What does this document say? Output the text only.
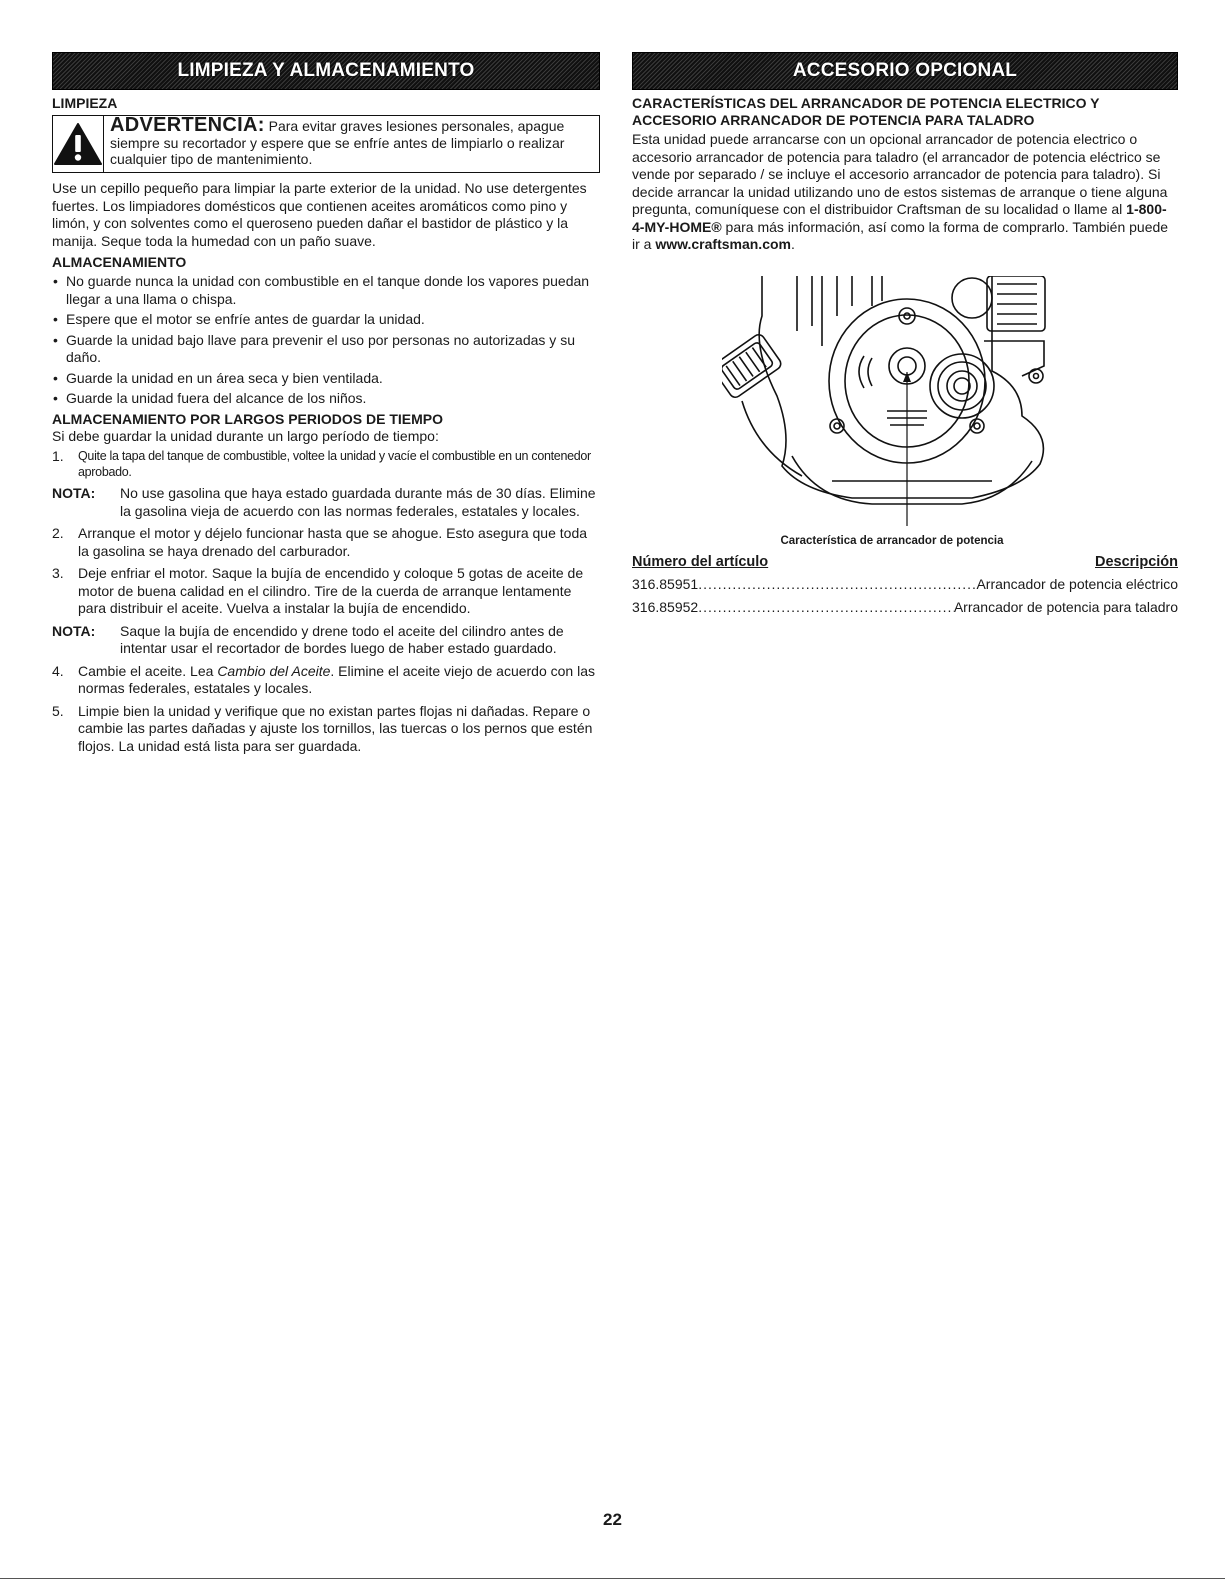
LIMPIEZA Y ALMACENAMIENTO

LIMPIEZA

ADVERTENCIA: Para evitar graves lesiones personales, apague siempre su recortador y espere que se enfríe antes de limpiarlo o realizar cualquier tipo de mantenimiento.

Use un cepillo pequeño para limpiar la parte exterior de la unidad. No use detergentes fuertes. Los limpiadores domésticos que contienen aceites aromáticos como pino y limón, y con solventes como el queroseno pueden dañar el bastidor de plástico y la manija. Seque toda la humedad con un paño suave.

ALMACENAMIENTO

• No guarde nunca la unidad con combustible en el tanque donde los vapores puedan llegar a una llama o chispa.
• Espere que el motor se enfríe antes de guardar la unidad.
• Guarde la unidad bajo llave para prevenir el uso por personas no autorizadas y su daño.
• Guarde la unidad en un área seca y bien ventilada.
• Guarde la unidad fuera del alcance de los niños.

ALMACENAMIENTO POR LARGOS PERIODOS DE TIEMPO

Si debe guardar la unidad durante un largo período de tiempo:

1.	Quite la tapa del tanque de combustible, voltee la unidad y vacíe el combustible en un contenedor aprobado.
NOTA:	No use gasolina que haya estado guardada durante más de 30 días. Elimine la gasolina vieja de acuerdo con las normas federales, estatales y locales.
2.	Arranque el motor y déjelo funcionar hasta que se ahogue. Esto asegura que toda la gasolina se haya drenado del carburador.
3.	Deje enfriar el motor. Saque la bujía de encendido y coloque 5 gotas de aceite de motor de buena calidad en el cilindro. Tire de la cuerda de arranque lentamente para distribuir el aceite. Vuelva a instalar la bujía de encendido.
NOTA:	Saque la bujía de encendido y drene todo el aceite del cilindro antes de intentar usar el recortador de bordes luego de haber estado guardado.
4.	Cambie el aceite. Lea Cambio del Aceite. Elimine el aceite viejo de acuerdo con las normas federales, estatales y locales.
5.	Limpie bien la unidad y verifique que no existan partes flojas ni dañadas. Repare o cambie las partes dañadas y ajuste los tornillos, las tuercas o los pernos que estén flojos. La unidad está lista para ser guardada.
ACCESORIO OPCIONAL

CARACTERÍSTICAS DEL ARRANCADOR DE POTENCIA ELECTRICO Y ACCESORIO ARRANCADOR DE POTENCIA PARA TALADRO

Esta unidad puede arrancarse con un opcional arrancador de potencia electrico o accesorio arrancador de potencia para taladro (el arrancador de potencia eléctrico se vende por separado / se incluye el accesorio arrancador de potencia para taladro). Si decide arrancar la unidad utilizando uno de estos sistemas de arranque o tiene alguna pregunta, comuníquese con el distribuidor Craftsman de su localidad o llame al 1-800-4-MY-HOME® para más información, así como la forma de comprarlo. También puede ir a www.craftsman.com.

Característica de arrancador de potencia
Número del artículo	Descripción
316.85951 .....	Arrancador de potencia eléctrico
316.85952 .....	Arrancador de potencia para taladro
22
